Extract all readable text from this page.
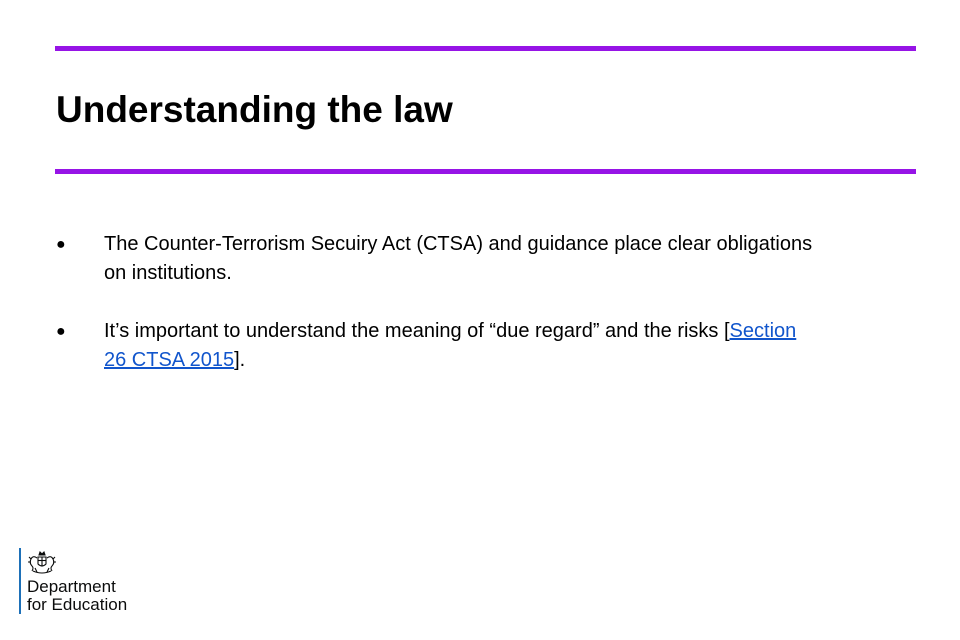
Understanding the law
●	The Counter-Terrorism Secuiry Act (CTSA) and guidance place clear obligations on institutions.
●	It’s important to understand the meaning of “due regard” and the risks [Section 26 CTSA 2015].
Department
for Education
